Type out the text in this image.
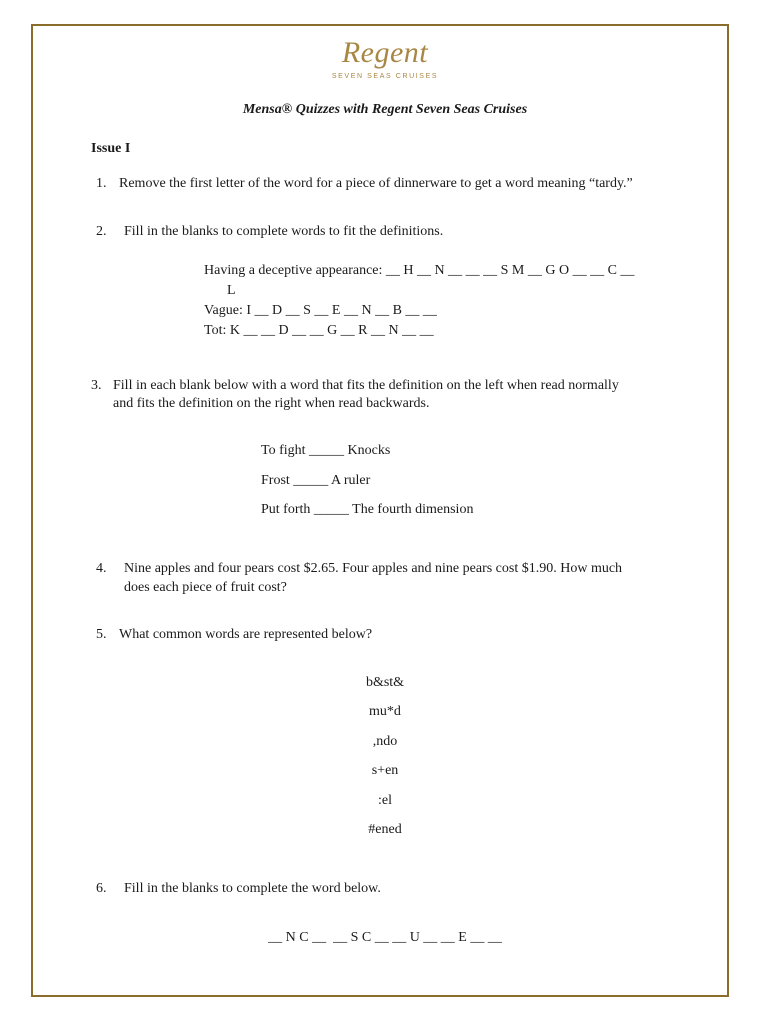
Regent
SEVEN SEAS CRUISES
Mensa® Quizzes with Regent Seven Seas Cruises
Issue I
1. Remove the first letter of the word for a piece of dinnerware to get a word meaning “tardy.”
2. Fill in the blanks to complete words to fit the definitions.
Having a deceptive appearance: __ H __ N __ __ __ S M __ G O __ __ C __
L
Vague: I __ D __ S __ E __ N __ B __ __
Tot: K __ __ D __ __ G __ R __ N __ __
3. Fill in each blank below with a word that fits the definition on the left when read normally
and fits the definition on the right when read backwards.
To fight _____ Knocks
Frost _____ A ruler
Put forth _____ The fourth dimension
4. Nine apples and four pears cost $2.65. Four apples and nine pears cost $1.90. How much
does each piece of fruit cost?
5. What common words are represented below?
b&st&
mu*d
,ndo
s+en
:el
#ened
6. Fill in the blanks to complete the word below.
__ N C __  __ S C __ __ U __ __ E __ __
